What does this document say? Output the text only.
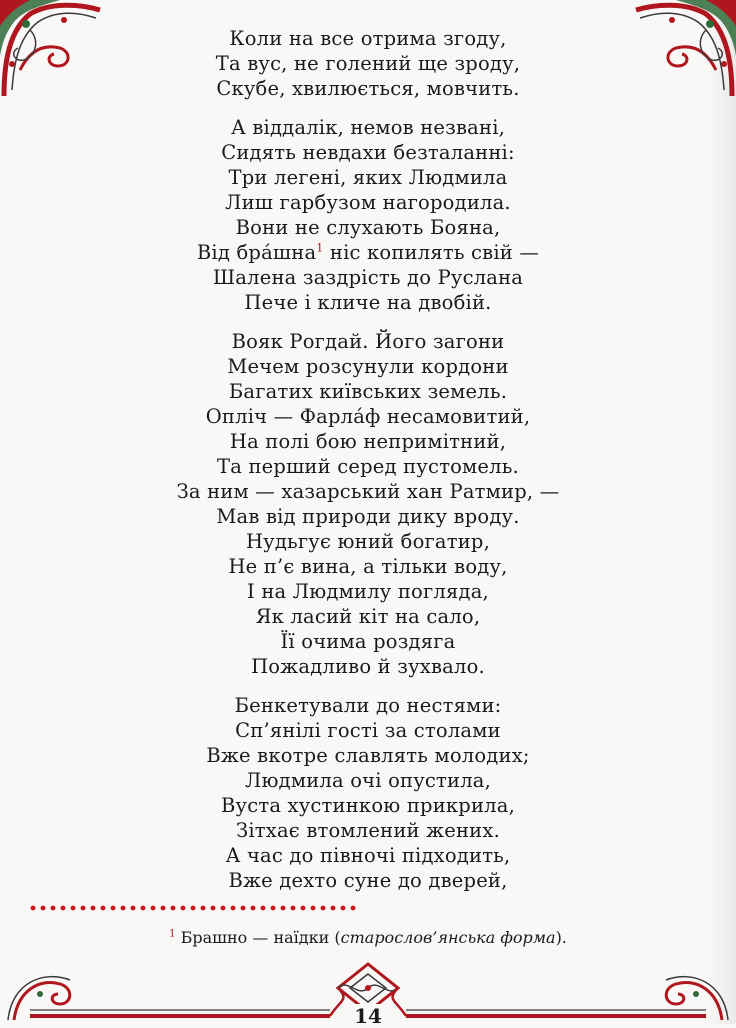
Коли на все отрима згоду,
Та вус, не голений ще зроду,
Скубе, хвилюється, мовчить.
А віддалік, немов незвані,
Сидять невдахи безталанні:
Три легені, яких Людмила
Лиш гарбузом нагородила.
Вони не слухають Бояна,
Від бра́шна$^1$ ніс копилять свій —
Шалена заздрість до Руслана
Пече і кличе на двобій.
Вояк Рогдай. Його загони
Мечем розсунули кордони
Багатих київських земель.
Опліч — Фарла́ф несамовитий,
На полі бою непримітний,
Та перший серед пустомель.
За ним — хазарський хан Ратмир, —
Мав від природи дику вроду.
Нудьгує юний богатир,
Не п’є вина, а тільки воду,
І на Людмилу погляда,
Як ласий кіт на сало,
Її очима роздяга
Пожадливо й зухвало.
Бенкетували до нестями:
Сп’янілі гості за столами
Вже вкотре славлять молодих;
Людмила очі опустила,
Вуста хустинкою прикрила,
Зітхає втомлений жених.
А час до півночі підходить,
Вже дехто суне до дверей,
$^1$ Брашно — наїдки (старослов’янська форма).
14
